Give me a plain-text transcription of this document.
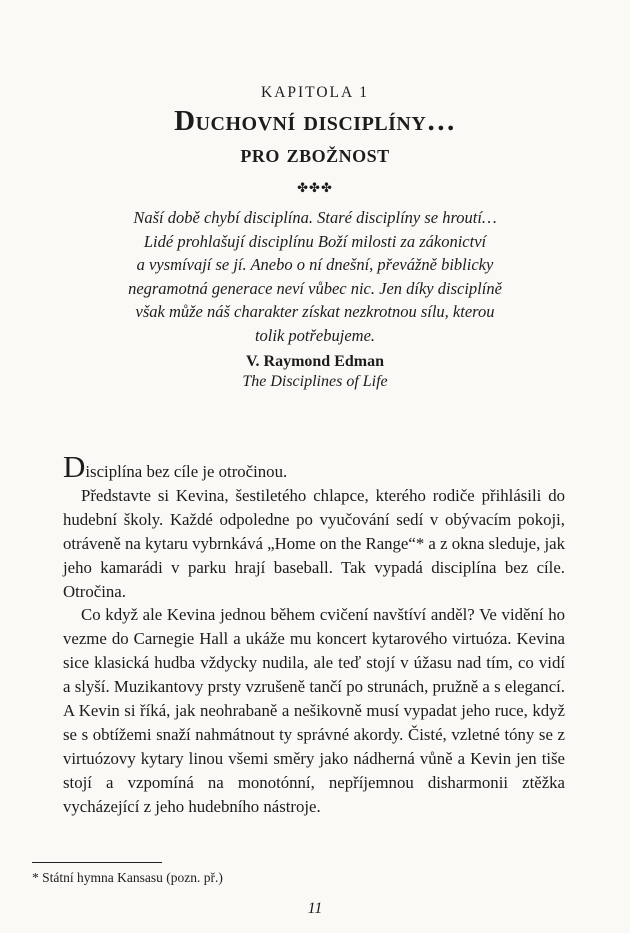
KAPITOLA 1
Duchovní disciplíny…
pro zbožnost
✤✤✤
Naší době chybí disciplína. Staré disciplíny se hroutí…
Lidé prohlašují disciplínu Boží milosti za zákonictví
a vysmívají se jí. Anebo o ní dnešní, převážně biblicky
negramotná generace neví vůbec nic. Jen díky disciplíně
však může náš charakter získat nezkrotnou sílu, kterou
tolik potřebujeme.
V. Raymond Edman
The Disciplines of Life

Disciplína bez cíle je otročinou.

Představte si Kevina, šestiletého chlapce, kterého rodiče přihlásili do hudební školy. Každé odpoledne po vyučování sedí v obývacím pokoji, otráveně na kytaru vybrnkává „Home on the Range“* a z okna sleduje, jak jeho kamarádi v parku hrají baseball. Tak vypadá disciplína bez cíle. Otročina.

Co když ale Kevina jednou během cvičení navštíví anděl? Ve vidění ho vezme do Carnegie Hall a ukáže mu koncert kytarového virtuóza. Kevina sice klasická hudba vždycky nudila, ale teď stojí v úžasu nad tím, co vidí a slyší. Muzikantovy prsty vzrušeně tančí po strunách, pružně a s elegancí. A Kevin si říká, jak neohrabaně a nešikovně musí vypadat jeho ruce, když se s obtížemi snaží nahmátnout ty správné akordy. Čisté, vzletné tóny se z virtuózovy kytary linou všemi směry jako nádherná vůně a Kevin jen tiše stojí a vzpomíná na monotónní, nepříjemnou disharmonii ztěžka vycházející z jeho hudebního nástroje.

* Státní hymna Kansasu (pozn. př.)
11
